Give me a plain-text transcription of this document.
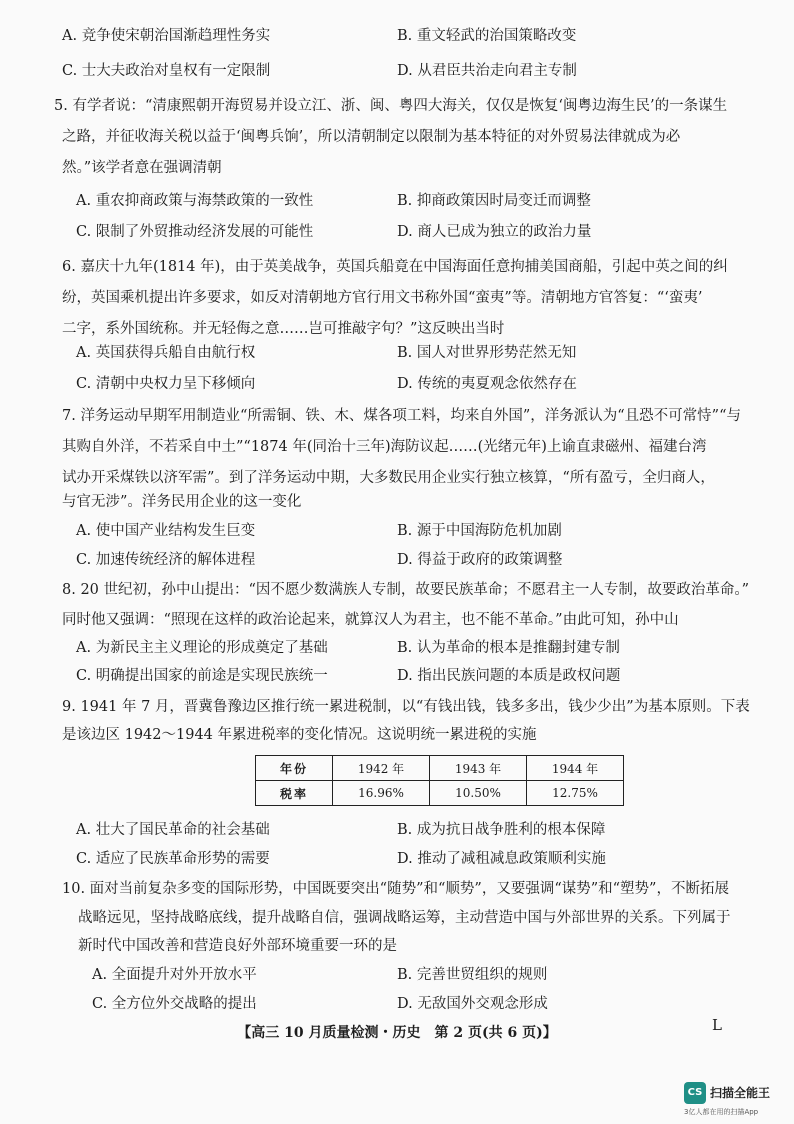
A. 竞争使宋朝治国渐趋理性务实	B. 重文轻武的治国策略改变
C. 士大夫政治对皇权有一定限制	D. 从君臣共治走向君主专制
5. 有学者说：“清康熙朝开海贸易并设立江、浙、闽、粤四大海关，仅仅是恢复‘闽粤边海生民’的一条谋生
之路，并征收海关税以益于‘闽粤兵饷’，所以清朝制定以限制为基本特征的对外贸易法律就成为必
然。”该学者意在强调清朝
A. 重农抑商政策与海禁政策的一致性	B. 抑商政策因时局变迁而调整
C. 限制了外贸推动经济发展的可能性	D. 商人已成为独立的政治力量
6. 嘉庆十九年(1814 年)，由于英美战争，英国兵船竟在中国海面任意拘捕美国商船，引起中英之间的纠
纷，英国乘机提出许多要求，如反对清朝地方官行用文书称外国“蛮夷”等。清朝地方官答复：“‘蛮夷’
二字，系外国统称。并无轻侮之意……岂可推敲字句？”这反映出当时
A. 英国获得兵船自由航行权	B. 国人对世界形势茫然无知
C. 清朝中央权力呈下移倾向	D. 传统的夷夏观念依然存在
7. 洋务运动早期军用制造业“所需铜、铁、木、煤各项工料，均来自外国”，洋务派认为“且恐不可常恃”“与
其购自外洋，不若采自中土”“1874 年(同治十三年)海防议起……(光绪元年)上谕直隶磁州、福建台湾
试办开采煤铁以济军需”。到了洋务运动中期，大多数民用企业实行独立核算，“所有盈亏，全归商人，
与官无涉”。洋务民用企业的这一变化
A. 使中国产业结构发生巨变	B. 源于中国海防危机加剧
C. 加速传统经济的解体进程	D. 得益于政府的政策调整
8. 20 世纪初，孙中山提出：“因不愿少数满族人专制，故要民族革命；不愿君主一人专制，故要政治革命。”
同时他又强调：“照现在这样的政治论起来，就算汉人为君主，也不能不革命。”由此可知，孙中山
A. 为新民主主义理论的形成奠定了基础	B. 认为革命的根本是推翻封建专制
C. 明确提出国家的前途是实现民族统一	D. 指出民族问题的本质是政权问题
9. 1941 年 7 月，晋冀鲁豫边区推行统一累进税制，以“有钱出钱，钱多多出，钱少少出”为基本原则。下表
是该边区 1942～1944 年累进税率的变化情况。这说明统一累进税的实施
年份	1942 年	1943 年	1944 年
税率	16.96%	10.50%	12.75%
A. 壮大了国民革命的社会基础	B. 成为抗日战争胜利的根本保障
C. 适应了民族革命形势的需要	D. 推动了减租减息政策顺利实施
10. 面对当前复杂多变的国际形势，中国既要突出“随势”和“顺势”，又要强调“谋势”和“塑势”，不断拓展
战略远见，坚持战略底线，提升战略自信，强调战略运筹，主动营造中国与外部世界的关系。下列属于
新时代中国改善和营造良好外部环境重要一环的是
A. 全面提升对外开放水平	B. 完善世贸组织的规则
C. 全方位外交战略的提出	D. 无敌国外交观念形成
【高三 10 月质量检测・历史　第 2 页(共 6 页)】	L
CS 扫描全能王
3亿人都在用的扫描App
